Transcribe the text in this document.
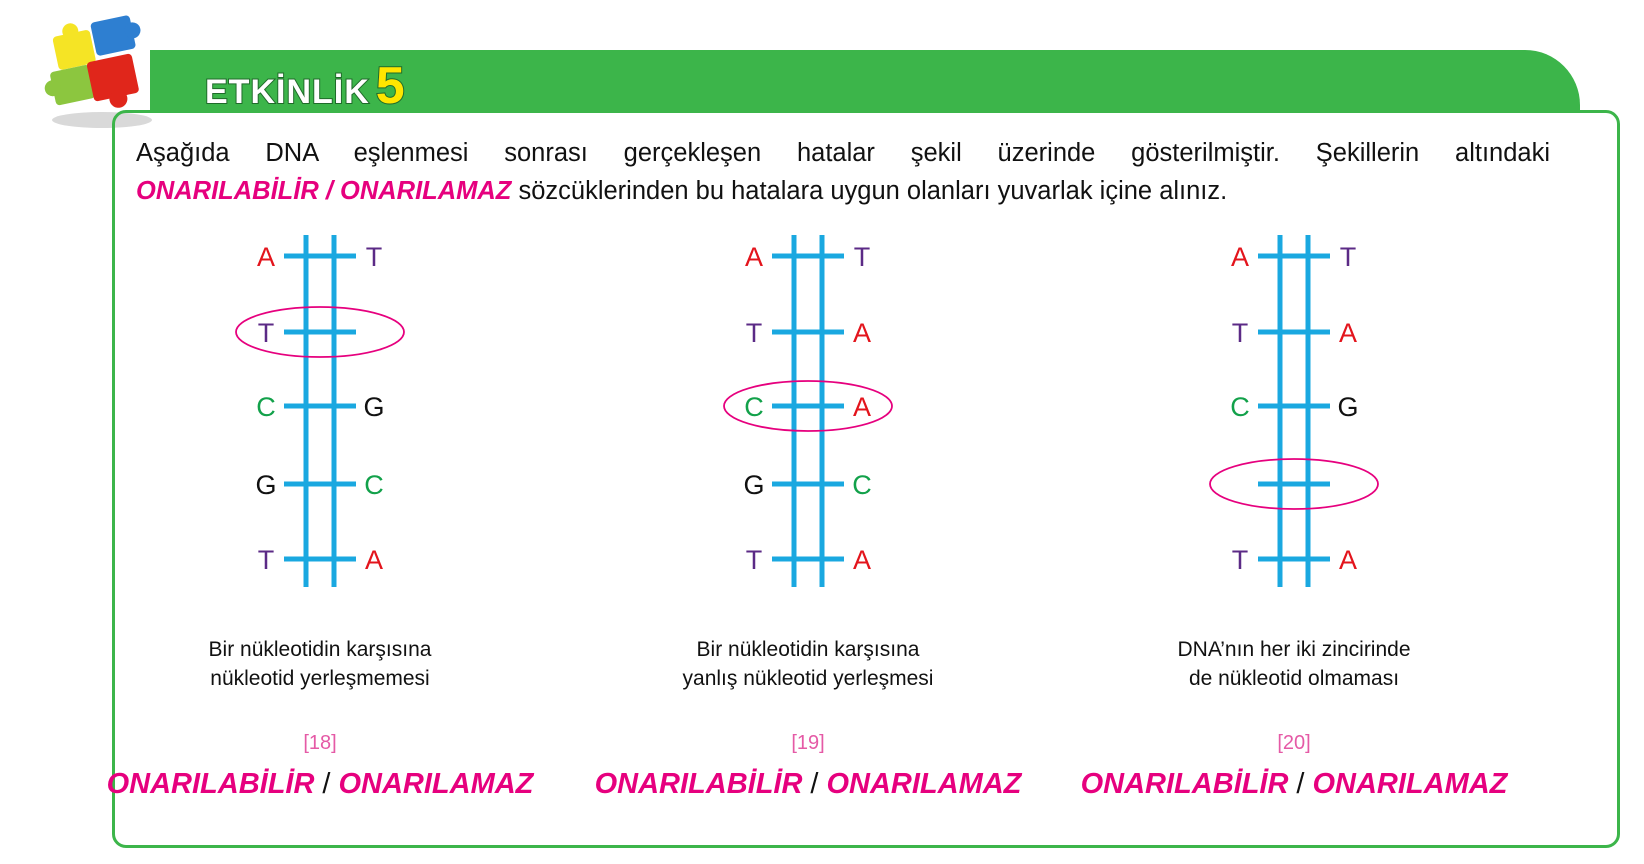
ETKİNLİK 5
Aşağıda DNA eşlenmesi sonrası gerçekleşen hatalar şekil üzerinde gösterilmiştir. Şekillerin altındaki
ONARILABİLİR / ONARILAMAZ sözcüklerinden bu hatalara uygun olanları yuvarlak içine alınız.
A	T
T
C	G
G	C
T	A
Bir nükleotidin karşısına
nükleotid yerleşmemesi
[18]
ONARILABİLİR / ONARILAMAZ
A	T
T	A
C	A
G	C
T	A
Bir nükleotidin karşısına
yanlış nükleotid yerleşmesi
[19]
ONARILABİLİR / ONARILAMAZ
A	T
T	A
C	G
T	A
DNA’nın her iki zincirinde
de nükleotid olmaması
[20]
ONARILABİLİR / ONARILAMAZ
